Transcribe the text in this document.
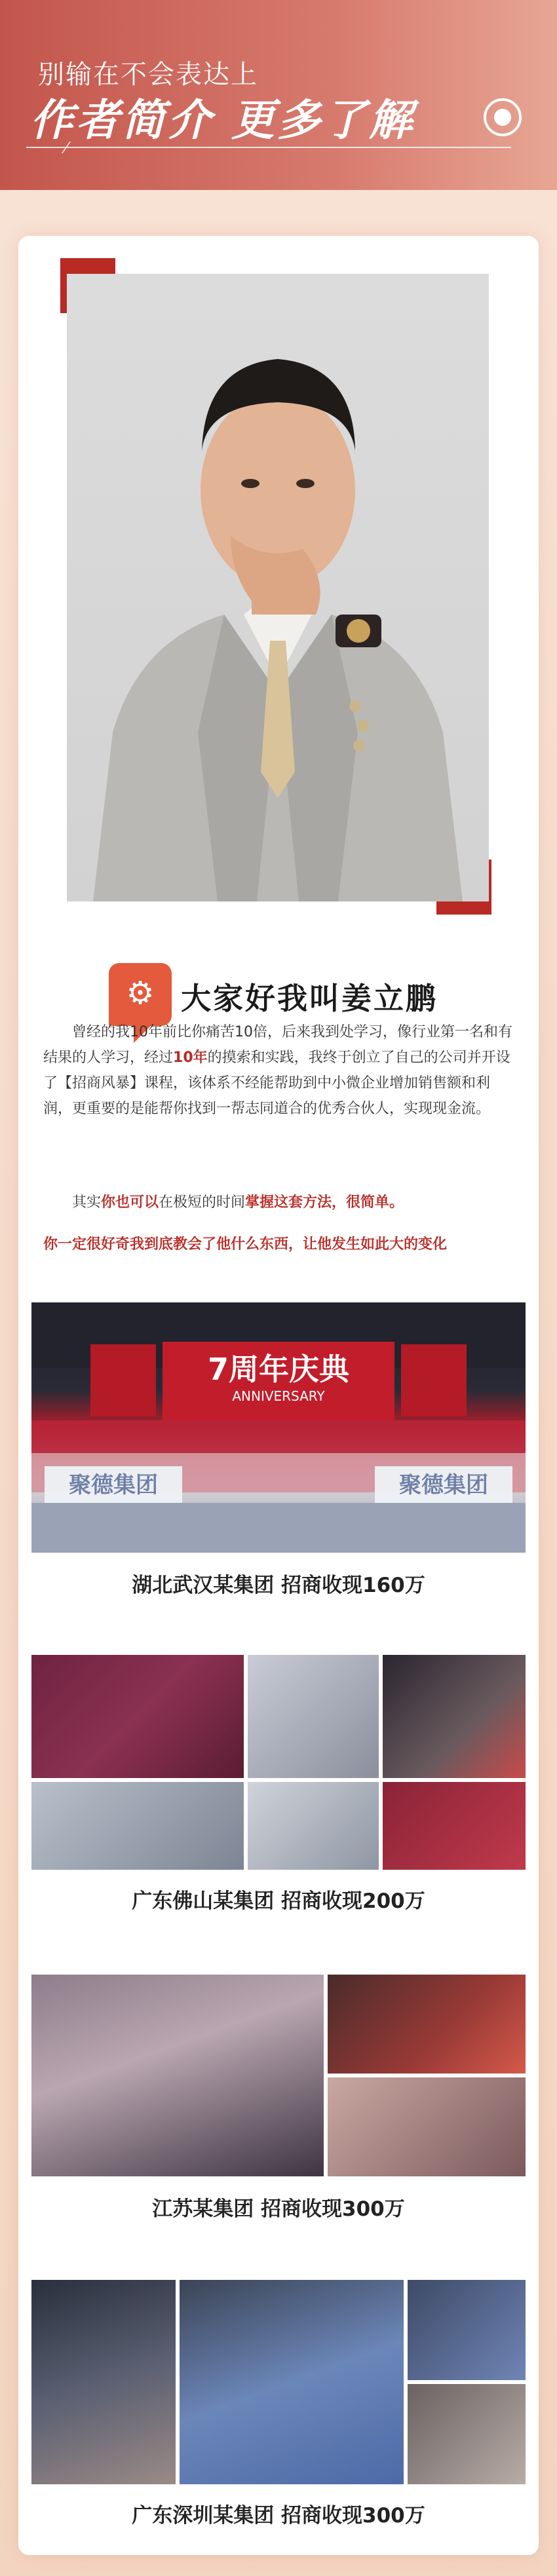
别输在不会表达上
作者简介 更多了解
⚙ 大家好我叫姜立鹏
曾经的我10年前比你痛苦10倍，后来我到处学习，像行业第一名和有结果的人学习，经过10年的摸索和实践，我终于创立了自己的公司并开设了【招商风暴】课程，该体系不经能帮助到中小微企业增加销售额和利润，更重要的是能帮你找到一帮志同道合的优秀合伙人，实现现金流。
其实你也可以在极短的时间掌握这套方法，很简单。
你一定很好奇我到底教会了他什么东西，让他发生如此大的变化
7周年庆典
ANNIVERSARY
聚德集团	聚德集团
湖北武汉某集团 招商收现160万
广东佛山某集团 招商收现200万
江苏某集团 招商收现300万
广东深圳某集团 招商收现300万
